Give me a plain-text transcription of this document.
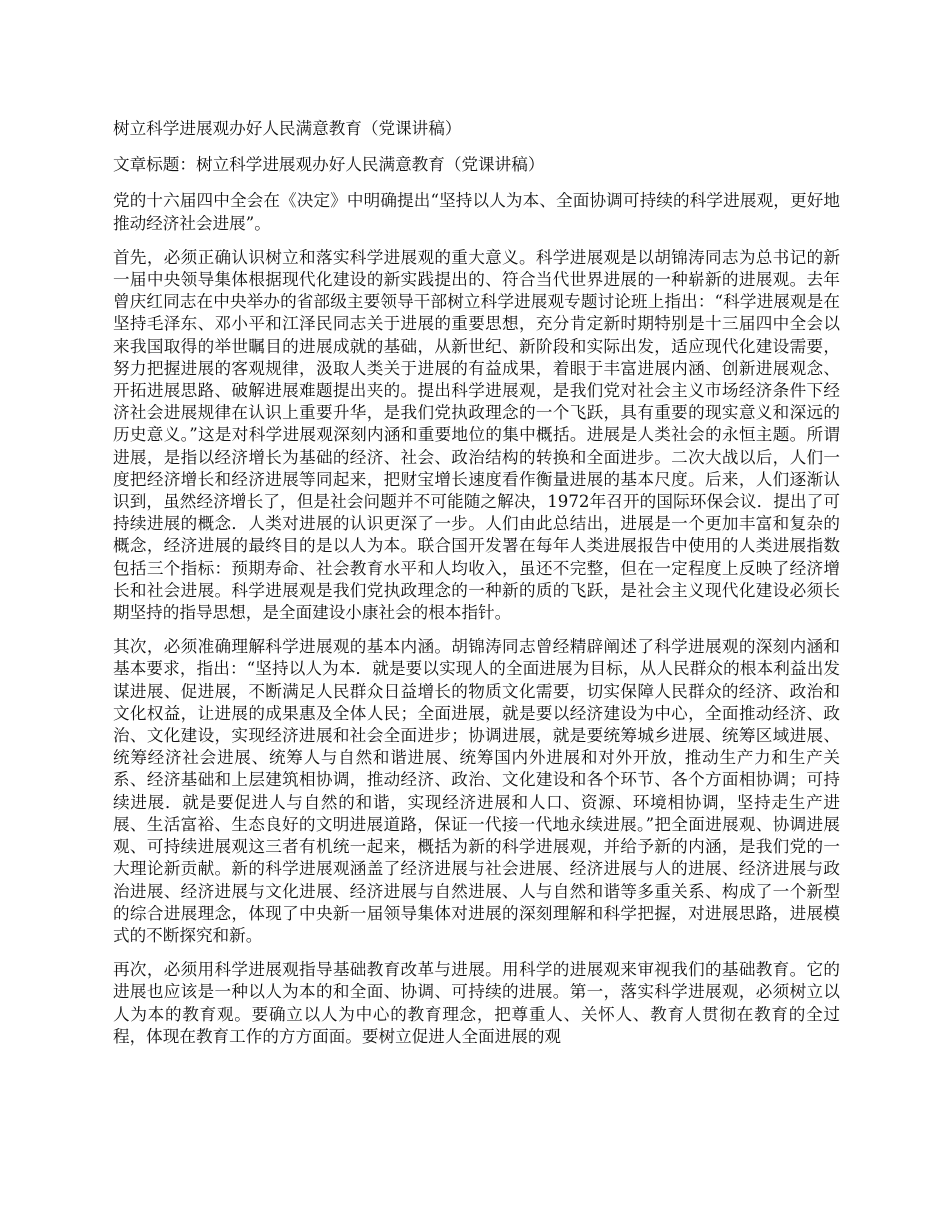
树立科学进展观办好人民满意教育（党课讲稿）

文章标题：树立科学进展观办好人民满意教育（党课讲稿）

党的十六届四中全会在《决定》中明确提出“坚持以人为本、全面协调可持续的科学进展观，更好地推动经济社会进展”。

首先，必须正确认识树立和落实科学进展观的重大意义。科学进展观是以胡锦涛同志为总书记的新一届中央领导集体根据现代化建设的新实践提出的、符合当代世界进展的一种崭新的进展观。去年曾庆红同志在中央举办的省部级主要领导干部树立科学进展观专题讨论班上指出：“科学进展观是在坚持毛泽东、邓小平和江泽民同志关于进展的重要思想，充分肯定新时期特别是十三届四中全会以来我国取得的举世瞩目的进展成就的基础，从新世纪、新阶段和实际出发，适应现代化建设需要，努力把握进展的客观规律，汲取人类关于进展的有益成果，着眼于丰富进展内涵、创新进展观念、开拓进展思路、破解进展难题提出夹的。提出科学进展观，是我们党对社会主义市场经济条件下经济社会进展规律在认识上重要升华，是我们党执政理念的一个飞跃，具有重要的现实意义和深远的历史意义。”这是对科学进展观深刻内涵和重要地位的集中概括。进展是人类社会的永恒主题。所谓进展，是指以经济增长为基础的经济、社会、政治结构的转换和全面进步。二次大战以后，人们一度把经济增长和经济进展等同起来，把财宝增长速度看作衡量进展的基本尺度。后来，人们逐渐认识到，虽然经济增长了，但是社会问题并不可能随之解决，1972年召开的国际环保会议．提出了可持续进展的概念．人类对进展的认识更深了一步。人们由此总结出，进展是一个更加丰富和复杂的概念，经济进展的最终目的是以人为本。联合国开发署在每年人类进展报告中使用的人类进展指数包括三个指标：预期寿命、社会教育水平和人均收入，虽还不完整，但在一定程度上反映了经济增长和社会进展。科学进展观是我们党执政理念的一种新的质的飞跃，是社会主义现代化建设必须长期坚持的指导思想，是全面建设小康社会的根本指针。

其次，必须准确理解科学进展观的基本内涵。胡锦涛同志曾经精辟阐述了科学进展观的深刻内涵和基本要求，指出：“坚持以人为本．就是要以实现人的全面进展为目标，从人民群众的根本利益出发谋进展、促进展，不断满足人民群众日益增长的物质文化需要，切实保障人民群众的经济、政治和文化权益，让进展的成果惠及全体人民；全面进展，就是要以经济建设为中心，全面推动经济、政治、文化建设，实现经济进展和社会全面进步；协调进展，就是要统筹城乡进展、统筹区域进展、统筹经济社会进展、统筹人与自然和谐进展、统筹国内外进展和对外开放，推动生产力和生产关系、经济基础和上层建筑相协调，推动经济、政治、文化建设和各个环节、各个方面相协调；可持续进展．就是要促进人与自然的和谐，实现经济进展和人口、资源、环境相协调，坚持走生产进展、生活富裕、生态良好的文明进展道路，保证一代接一代地永续进展。”把全面进展观、协调进展观、可持续进展观这三者有机统一起来，概括为新的科学进展观，并给予新的内涵，是我们党的一大理论新贡献。新的科学进展观涵盖了经济进展与社会进展、经济进展与人的进展、经济进展与政治进展、经济进展与文化进展、经济进展与自然进展、人与自然和谐等多重关系、构成了一个新型的综合进展理念，体现了中央新一届领导集体对进展的深刻理解和科学把握，对进展思路，进展模式的不断探究和新。

再次，必须用科学进展观指导基础教育改革与进展。用科学的进展观来审视我们的基础教育。它的进展也应该是一种以人为本的和全面、协调、可持续的进展。第一，落实科学进展观，必须树立以人为本的教育观。要确立以人为中心的教育理念，把尊重人、关怀人、教育人贯彻在教育的全过程，体现在教育工作的方方面面。要树立促进人全面进展的观
